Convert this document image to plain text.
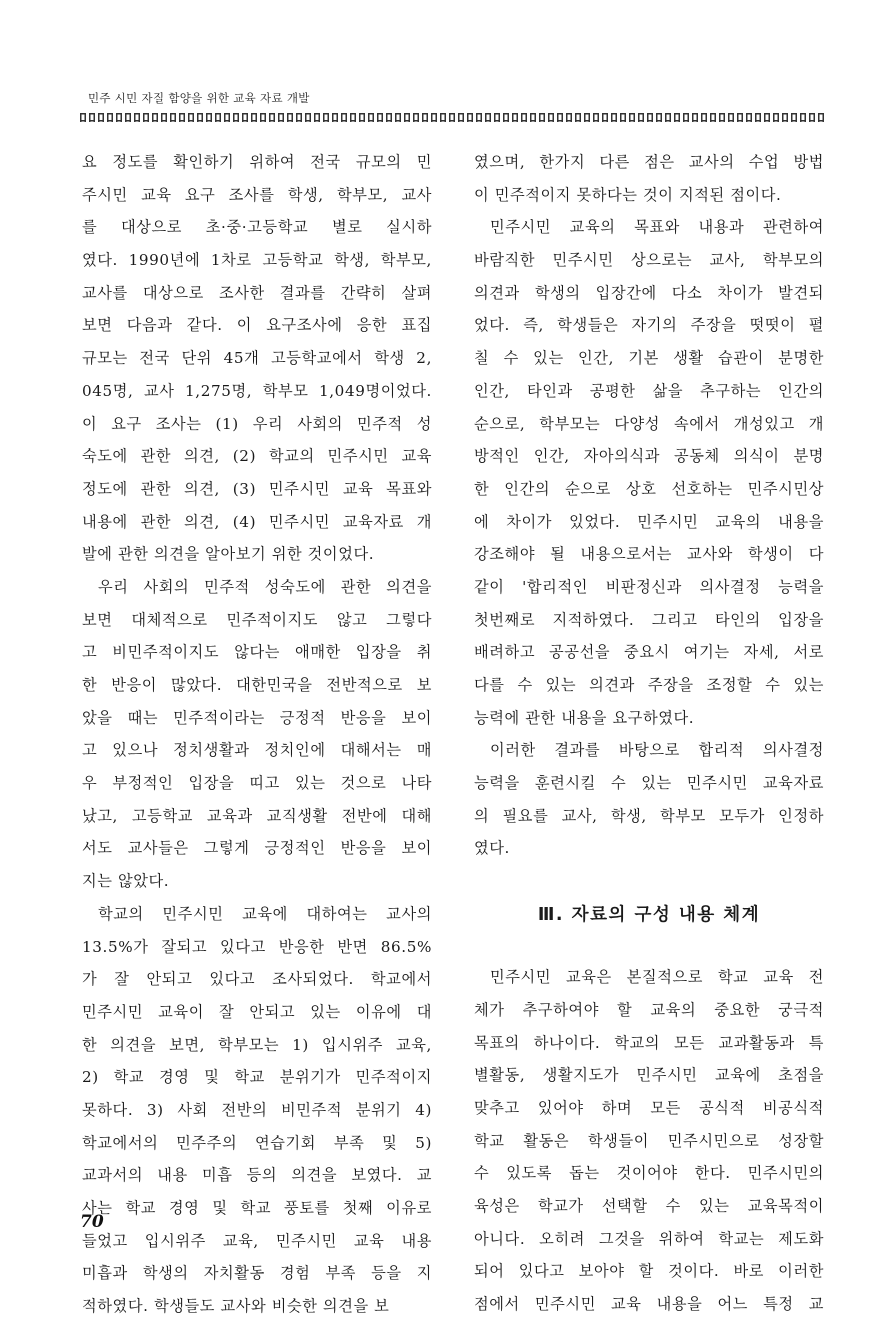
민주 시민 자질 함양을 위한 교육 자료 개발
요 정도를 확인하기 위하여 전국 규모의 민
주시민 교육 요구 조사를 학생, 학부모, 교사
를 대상으로 초·중·고등학교 별로 실시하
였다. 1990년에 1차로 고등학교 학생, 학부모,
교사를 대상으로 조사한 결과를 간략히 살펴
보면 다음과 같다. 이 요구조사에 응한 표집
규모는 전국 단위 45개 고등학교에서 학생 2,
045명, 교사 1,275명, 학부모 1,049명이었다.
이 요구 조사는 (1) 우리 사회의 민주적 성
숙도에 관한 의견, (2) 학교의 민주시민 교육
정도에 관한 의견, (3) 민주시민 교육 목표와
내용에 관한 의견, (4) 민주시민 교육자료 개
발에 관한 의견을 알아보기 위한 것이었다.
우리 사회의 민주적 성숙도에 관한 의견을
보면 대체적으로 민주적이지도 않고 그렇다
고 비민주적이지도 않다는 애매한 입장을 취
한 반응이 많았다. 대한민국을 전반적으로 보
았을 때는 민주적이라는 긍정적 반응을 보이
고 있으나 정치생활과 정치인에 대해서는 매
우 부정적인 입장을 띠고 있는 것으로 나타
났고, 고등학교 교육과 교직생활 전반에 대해
서도 교사들은 그렇게 긍정적인 반응을 보이
지는 않았다.
학교의 민주시민 교육에 대하여는 교사의
13.5%가 잘되고 있다고 반응한 반면 86.5%
가 잘 안되고 있다고 조사되었다. 학교에서
민주시민 교육이 잘 안되고 있는 이유에 대
한 의견을 보면, 학부모는 1) 입시위주 교육,
2) 학교 경영 및 학교 분위기가 민주적이지
못하다. 3) 사회 전반의 비민주적 분위기 4)
학교에서의 민주주의 연습기회 부족 및 5)
교과서의 내용 미흡 등의 의견을 보였다. 교
사는 학교 경영 및 학교 풍토를 첫째 이유로
들었고 입시위주 교육, 민주시민 교육 내용
미흡과 학생의 자치활동 경험 부족 등을 지
적하였다. 학생들도 교사와 비슷한 의견을 보
였으며, 한가지 다른 점은 교사의 수업 방법
이 민주적이지 못하다는 것이 지적된 점이다.
민주시민 교육의 목표와 내용과 관련하여
바람직한 민주시민 상으로는 교사, 학부모의
의견과 학생의 입장간에 다소 차이가 발견되
었다. 즉, 학생들은 자기의 주장을 떳떳이 펼
칠 수 있는 인간, 기본 생활 습관이 분명한
인간, 타인과 공평한 삶을 추구하는 인간의
순으로, 학부모는 다양성 속에서 개성있고 개
방적인 인간, 자아의식과 공동체 의식이 분명
한 인간의 순으로 상호 선호하는 민주시민상
에 차이가 있었다. 민주시민 교육의 내용을
강조해야 될 내용으로서는 교사와 학생이 다
같이 '합리적인 비판정신과 의사결정 능력을
첫번째로 지적하였다. 그리고 타인의 입장을
배려하고 공공선을 중요시 여기는 자세, 서로
다를 수 있는 의견과 주장을 조정할 수 있는
능력에 관한 내용을 요구하였다.
이러한 결과를 바탕으로 합리적 의사결정
능력을 훈련시킬 수 있는 민주시민 교육자료
의 필요를 교사, 학생, 학부모 모두가 인정하
였다.
Ⅲ. 자료의 구성 내용 체계
민주시민 교육은 본질적으로 학교 교육 전
체가 추구하여야 할 교육의 중요한 궁극적
목표의 하나이다. 학교의 모든 교과활동과 특
별활동, 생활지도가 민주시민 교육에 초점을
맞추고 있어야 하며 모든 공식적 비공식적
학교 활동은 학생들이 민주시민으로 성장할
수 있도록 돕는 것이어야 한다. 민주시민의
육성은 학교가 선택할 수 있는 교육목적이
아니다. 오히려 그것을 위하여 학교는 제도화
되어 있다고 보아야 할 것이다. 바로 이러한
점에서 민주시민 교육 내용을 어느 특정 교
70
